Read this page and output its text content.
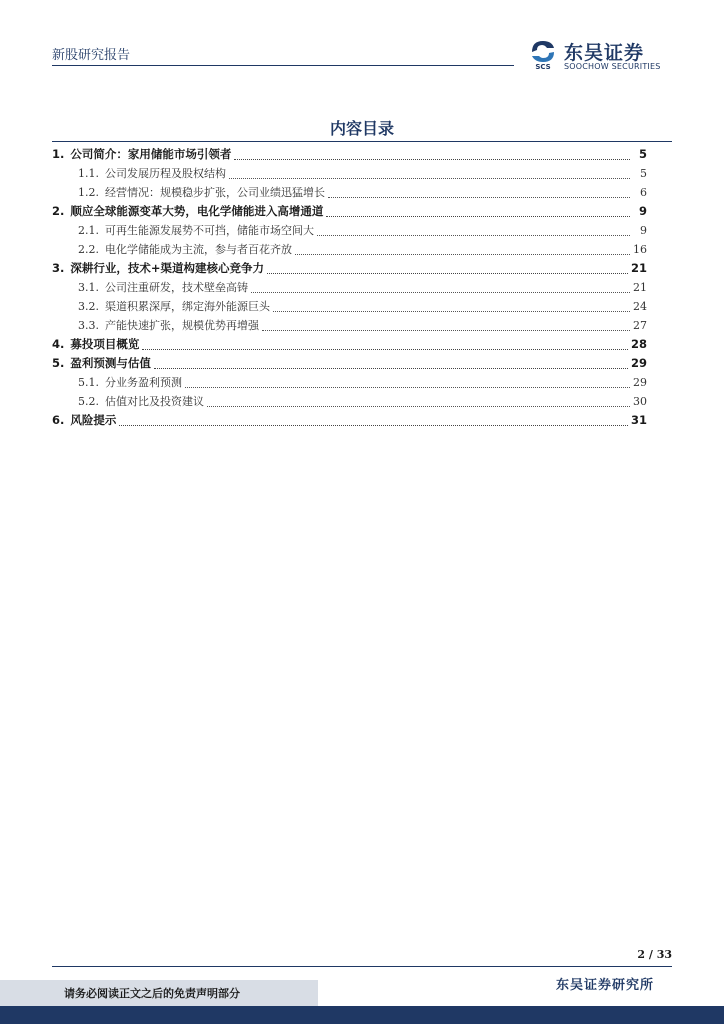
新股研究报告
SCS
东吴证券
SOOCHOW SECURITIES
内容目录
1. 公司简介：家用储能市场引领者	5
1.1. 公司发展历程及股权结构	5
1.2. 经营情况：规模稳步扩张，公司业绩迅猛增长	6
2. 顺应全球能源变革大势，电化学储能进入高增通道	9
2.1. 可再生能源发展势不可挡，储能市场空间大	9
2.2. 电化学储能成为主流，参与者百花齐放	16
3. 深耕行业，技术+渠道构建核心竞争力	21
3.1. 公司注重研发，技术壁垒高铸	21
3.2. 渠道积累深厚，绑定海外能源巨头	24
3.3. 产能快速扩张，规模优势再增强	27
4. 募投项目概览	28
5. 盈利预测与估值	29
5.1. 分业务盈利预测	29
5.2. 估值对比及投资建议	30
6. 风险提示	31
2 / 33
请务必阅读正文之后的免责声明部分
东吴证券研究所
